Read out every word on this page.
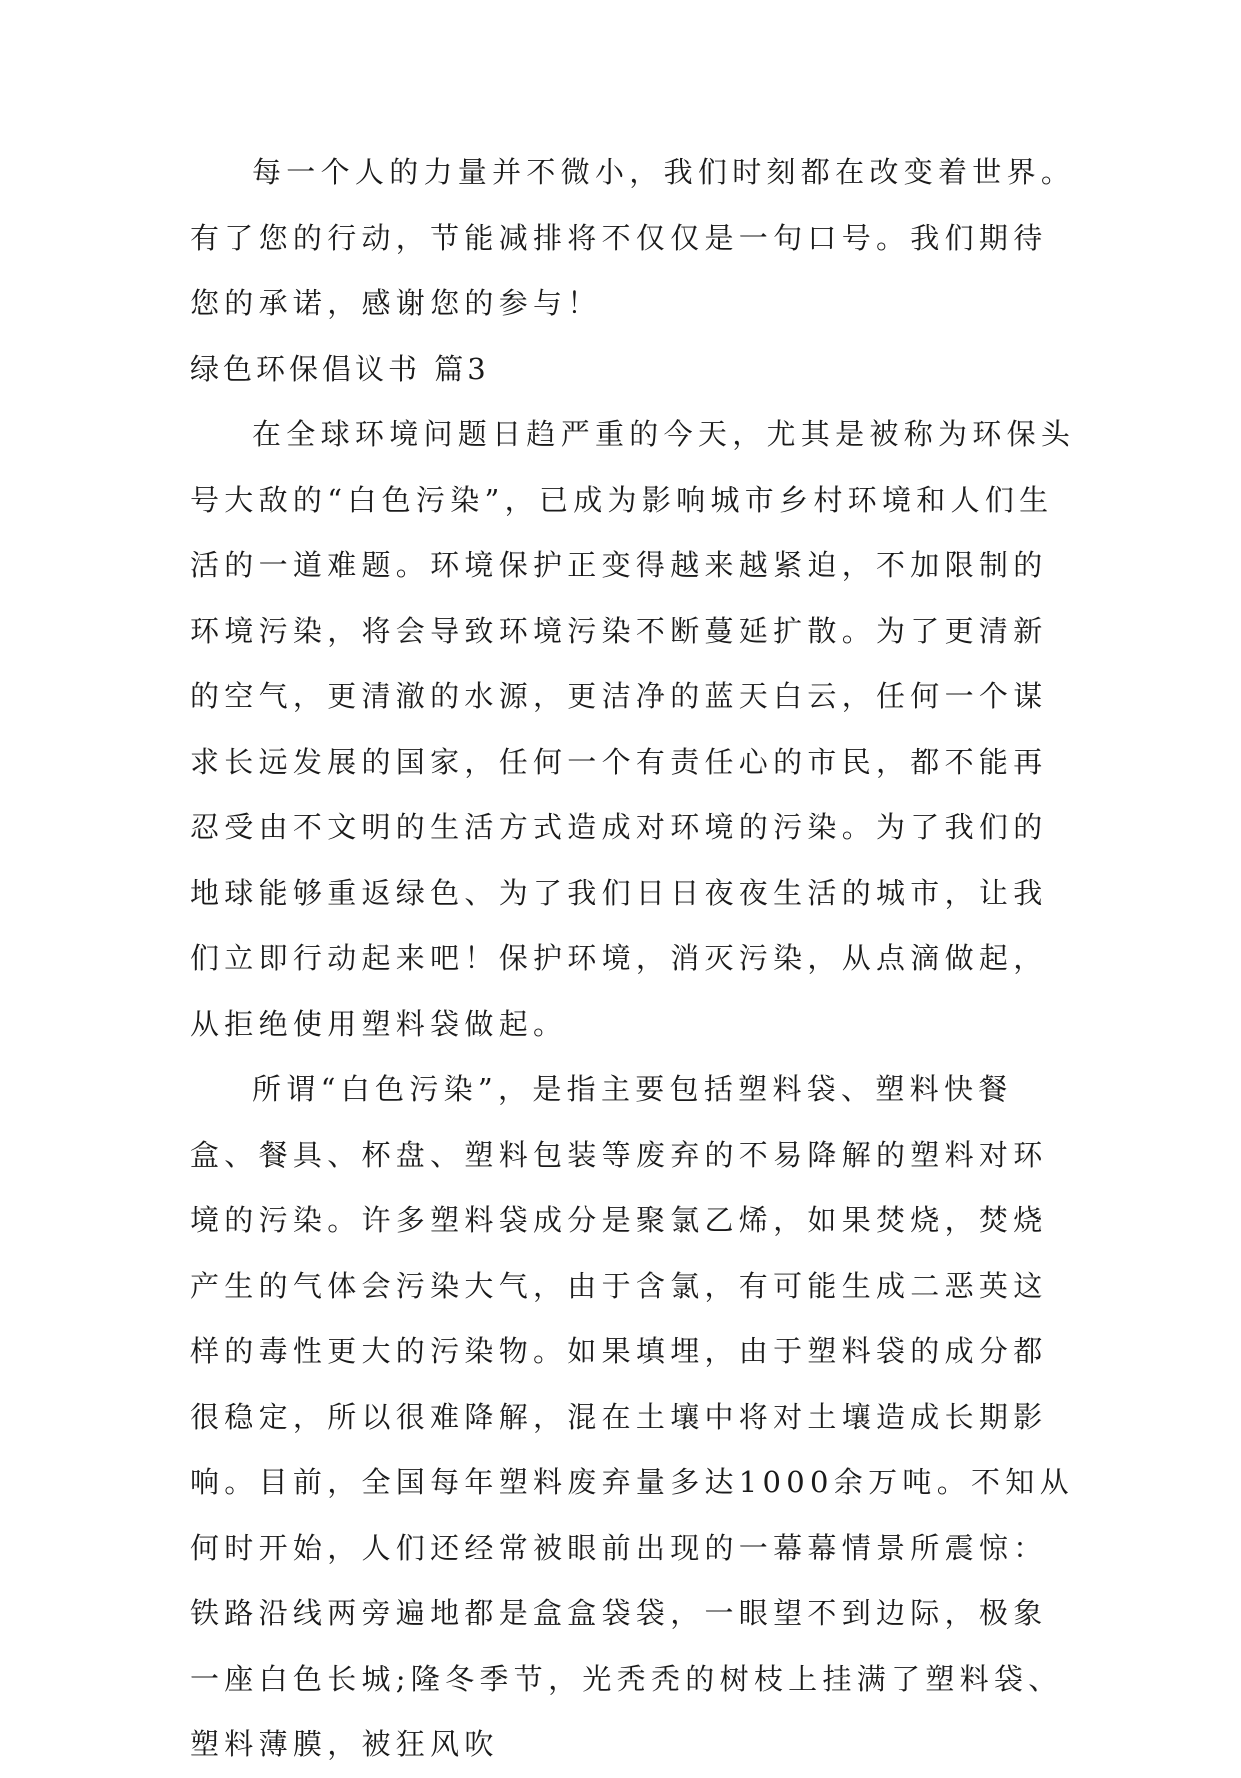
每一个人的力量并不微小，我们时刻都在改变着世界。有了您的行动，节能减排将不仅仅是一句口号。我们期待您的承诺，感谢您的参与！

绿色环保倡议书 篇3

在全球环境问题日趋严重的今天，尤其是被称为环保头号大敌的“白色污染”，已成为影响城市乡村环境和人们生活的一道难题。环境保护正变得越来越紧迫，不加限制的环境污染，将会导致环境污染不断蔓延扩散。为了更清新的空气，更清澈的水源，更洁净的蓝天白云，任何一个谋求长远发展的国家，任何一个有责任心的市民，都不能再忍受由不文明的生活方式造成对环境的污染。为了我们的地球能够重返绿色、为了我们日日夜夜生活的城市，让我们立即行动起来吧！保护环境，消灭污染，从点滴做起，从拒绝使用塑料袋做起。

所谓“白色污染”，是指主要包括塑料袋、塑料快餐盒、餐具、杯盘、塑料包装等废弃的不易降解的塑料对环境的污染。许多塑料袋成分是聚氯乙烯，如果焚烧，焚烧产生的气体会污染大气，由于含氯，有可能生成二恶英这样的毒性更大的污染物。如果填埋，由于塑料袋的成分都很稳定，所以很难降解，混在土壤中将对土壤造成长期影响。目前，全国每年塑料废弃量多达1000余万吨。不知从何时开始，人们还经常被眼前出现的一幕幕情景所震惊：铁路沿线两旁遍地都是盒盒袋袋，一眼望不到边际，极象一座白色长城;隆冬季节，光秃秃的树枝上挂满了塑料袋、塑料薄膜，被狂风吹
